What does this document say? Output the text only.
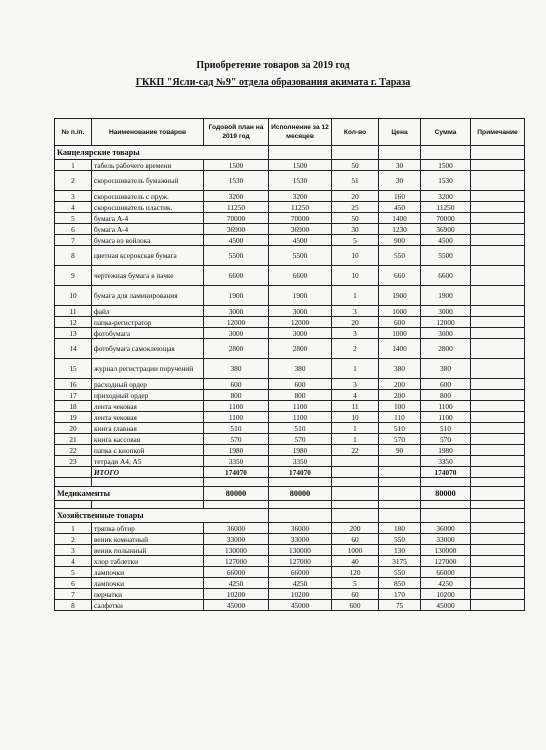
Приобретение товаров за 2019 год
ГККП "Ясли-сад №9" отдела образования акимата г. Тараза
№ п./п.	Наименование товаров	Годовой план на 2019 год	Исполнение за 12 месяцев	Кол-во	Цена	Сумма	Примечание
Канцелярские товары							
1	табель рабочего времени	1500	1500	50	30	1500	
2	скоросшиватель бумажный	1530	1530	51	30	1530	
3	скоросшиватель с пруж.	3200	3200	20	160	3200	
4	скоросшиватель пластик.	11250	11250	25	450	11250	
5	бумага А-4	70000	70000	50	1400	70000	
6	бумага А-4	36900	36900	30	1230	36900	
7	бумага из войлока	4500	4500	5	900	4500	
8	цветная ксерокская бумага	5500	5500	10	550	5500	
9	чертежная бумага в пачке	6600	6600	10	660	6600	
10	бумага для ламинирования	1900	1900	1	1900	1900	
11	файл	3000	3000	3	1000	3000	
12	папка-регистратор	12000	12000	20	600	12000	
13	фотобумага	3000	3000	3	1000	3000	
14	фотобумага самоклеющая	2800	2800	2	1400	2800	
15	журнал регистрации поручений	380	380	1	380	380	
16	расходный ордер	600	600	3	200	600	
17	приходный ордер	800	800	4	200	800	
18	лента чековая	1100	1100	11	100	1100	
19	лента чековая	1100	1100	10	110	1100	
20	книга главная	510	510	1	510	510	
21	книга кассовая	570	570	1	570	570	
22	папка с кнопкой	1980	1980	22	90	1980	
23	тетради А4, А5	3350	3350			3350	
	ИТОГО	174070	174070			174070	

Медикаменты		80000	80000			80000	

Хозяйственные товары							
1	тряпка обтир	36000	36000	200	180	36000	
2	веник комнатный	33000	33000	60	550	33000	
3	веник полынный	130000	130000	1000	130	130000	
4	хлор таблетки	127000	127000	40	3175	127000	
5	лампочки	66000	66000	120	550	66000	
6	лампочки	4250	4250	5	850	4250	
7	перчатки	10200	10200	60	170	10200	
8	салфетки	45000	45000	600	75	45000	
